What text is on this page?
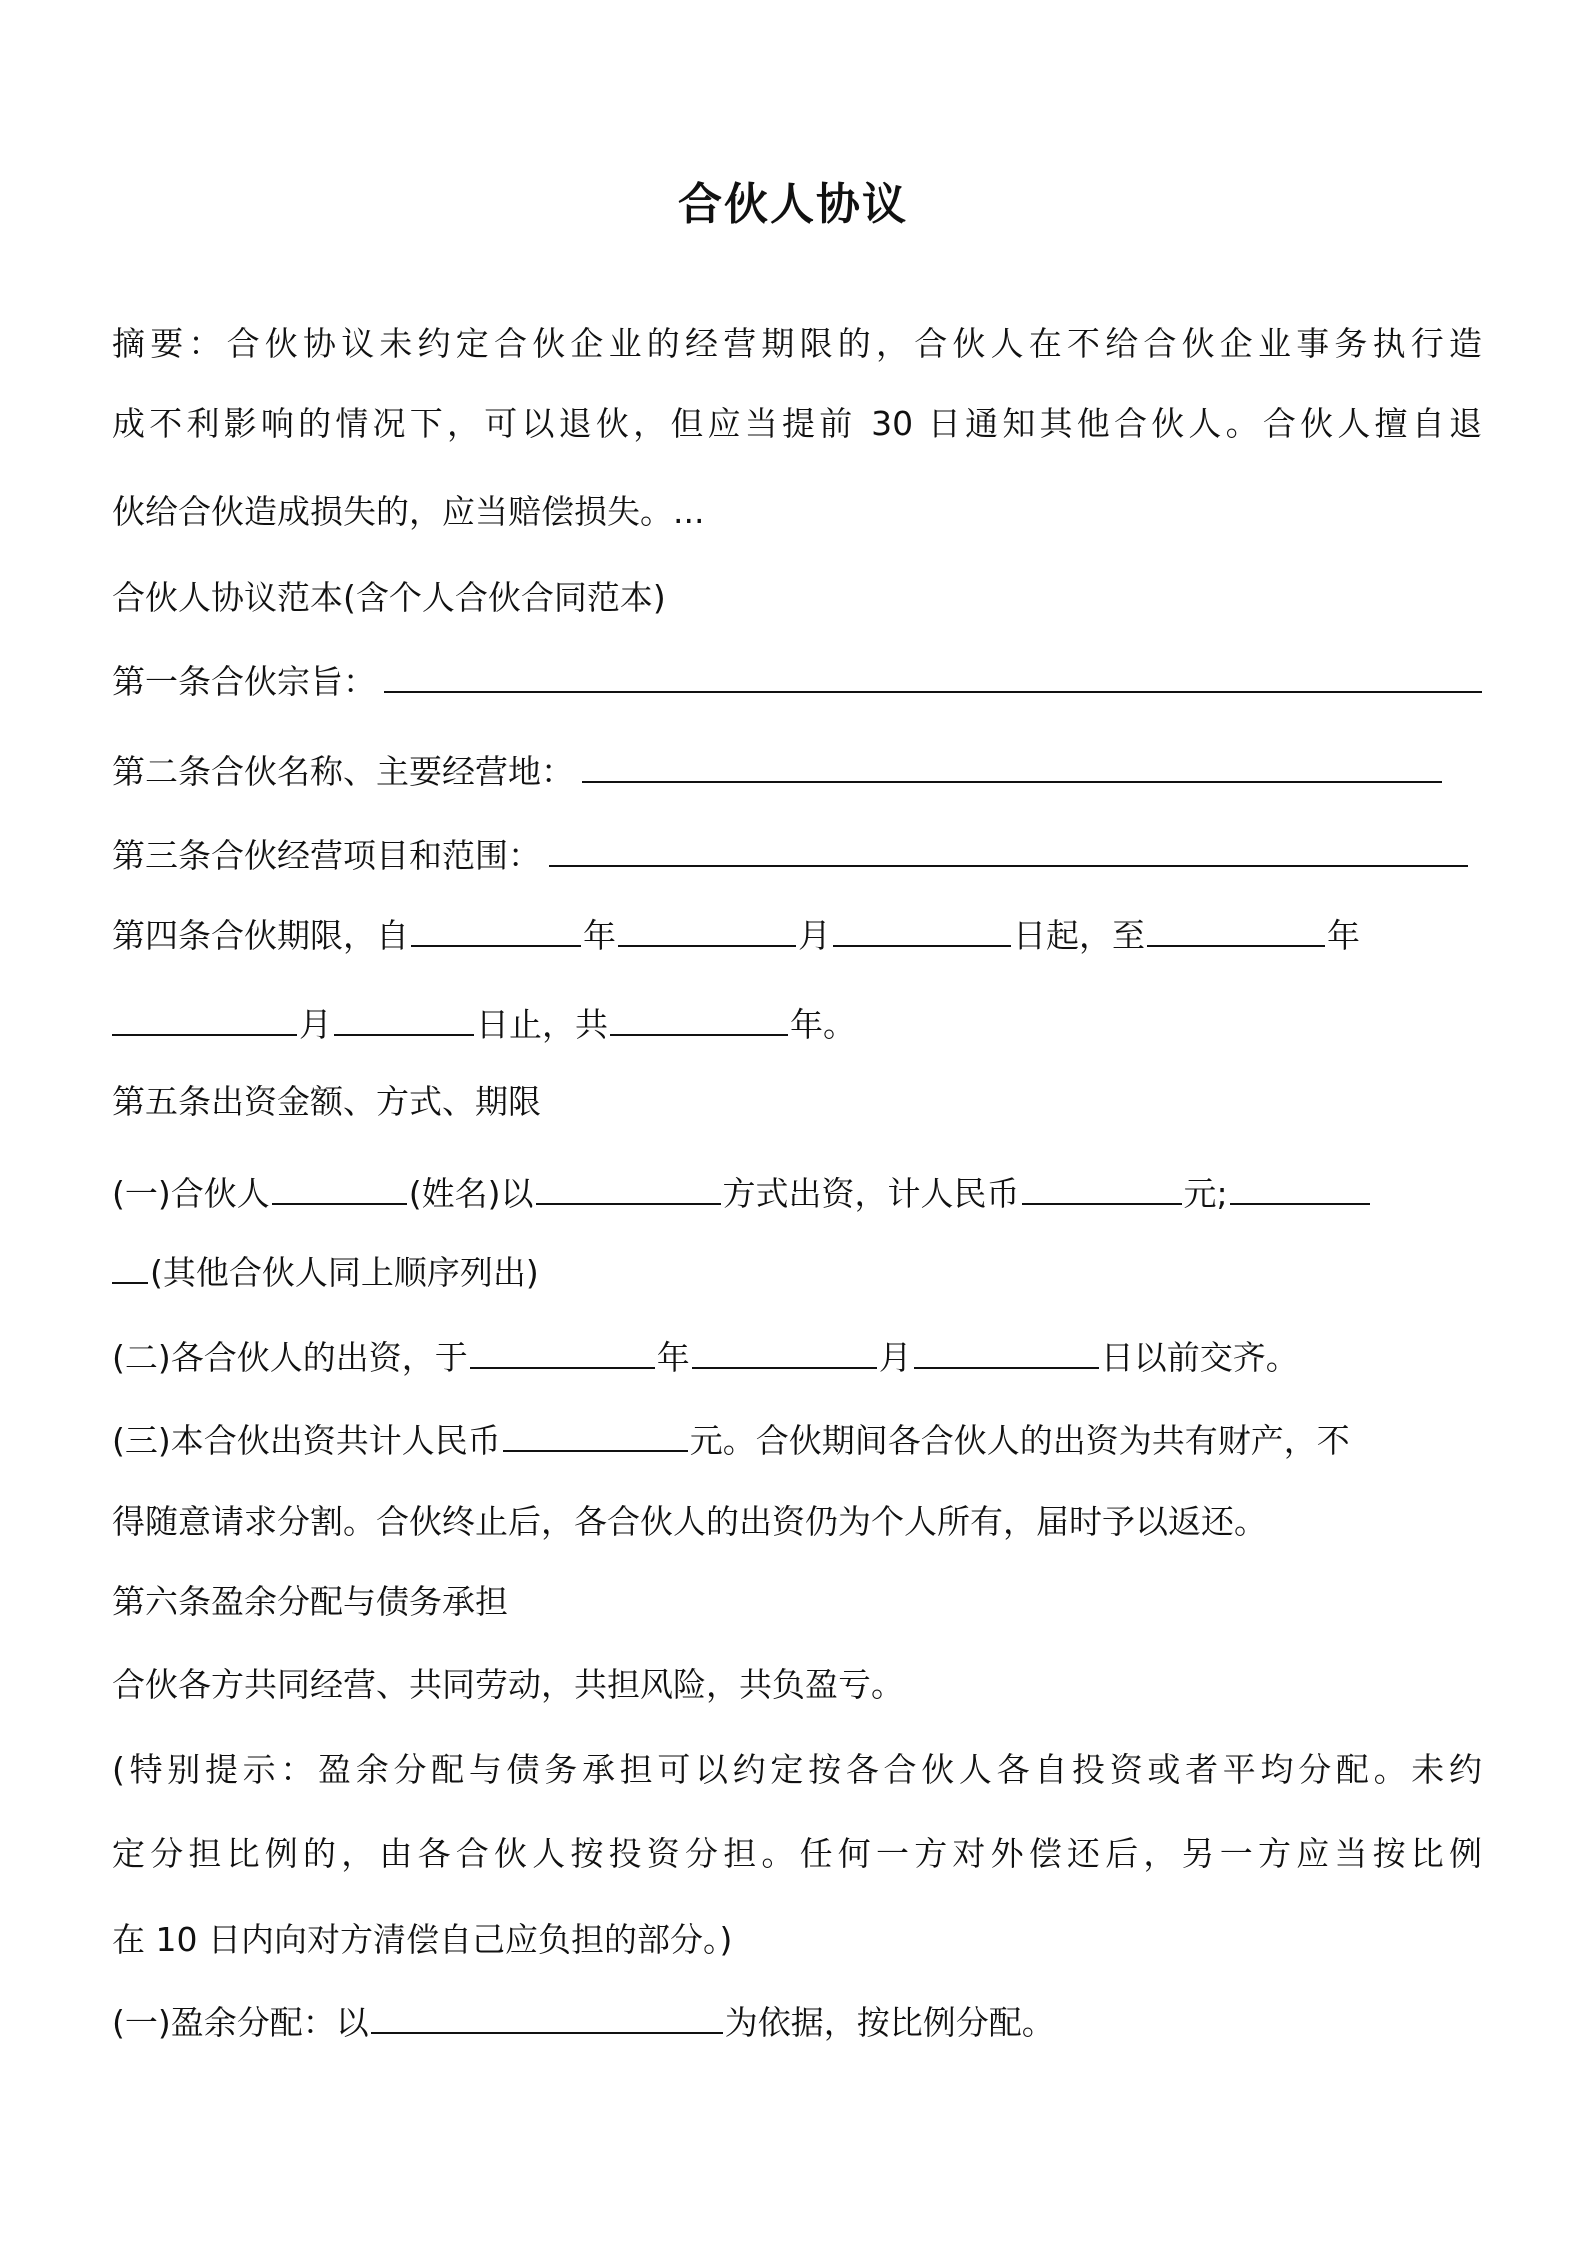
合伙人协议
摘要：合伙协议未约定合伙企业的经营期限的，合伙人在不给合伙企业事务执行造
成不利影响的情况下，可以退伙，但应当提前 30 日通知其他合伙人。合伙人擅自退
伙给合伙造成损失的，应当赔偿损失。...
合伙人协议范本(含个人合伙合同范本)
第一条合伙宗旨：
第二条合伙名称、主要经营地：
第三条合伙经营项目和范围：
第四条合伙期限，自	年	月	日起，至	年
月	日止，共	年。
第五条出资金额、方式、期限
(一)合伙人	(姓名)以	方式出资，计人民币	元;
(其他合伙人同上顺序列出)
(二)各合伙人的出资，于	年	月	日以前交齐。
(三)本合伙出资共计人民币	元。合伙期间各合伙人的出资为共有财产，不
得随意请求分割。合伙终止后，各合伙人的出资仍为个人所有，届时予以返还。
第六条盈余分配与债务承担
合伙各方共同经营、共同劳动，共担风险，共负盈亏。
(特别提示：盈余分配与债务承担可以约定按各合伙人各自投资或者平均分配。未约
定分担比例的，由各合伙人按投资分担。任何一方对外偿还后，另一方应当按比例
在 10 日内向对方清偿自己应负担的部分。)
(一)盈余分配：以	为依据，按比例分配。
